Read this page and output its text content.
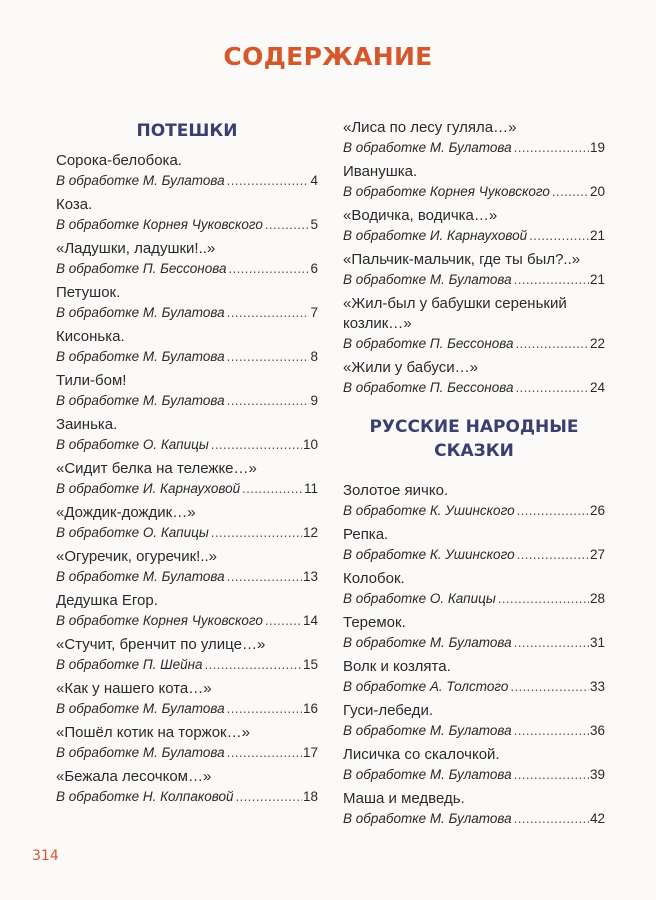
СОДЕРЖАНИЕ
ПОТЕШКИ
Сорока-белобока.
В обработке М. Булатова .....	4
Коза.
В обработке Корнея Чуковского .....	5
«Ладушки, ладушки!..»
В обработке П. Бессонова .....	6
Петушок.
В обработке М. Булатова .....	7
Кисонька.
В обработке М. Булатова .....	8
Тили-бом!
В обработке М. Булатова .....	9
Заинька.
В обработке О. Капицы .....	10
«Сидит белка на тележке…»
В обработке И. Карнауховой .....	11
«Дождик-дождик…»
В обработке О. Капицы .....	12
«Огуречик, огуречик!..»
В обработке М. Булатова .....	13
Дедушка Егор.
В обработке Корнея Чуковского .....	14
«Стучит, бренчит по улице…»
В обработке П. Шейна .....	15
«Как у нашего кота…»
В обработке М. Булатова .....	16
«Пошёл котик на торжок…»
В обработке М. Булатова .....	17
«Бежала лесочком…»
В обработке Н. Колпаковой .....	18
«Лиса по лесу гуляла…»
В обработке М. Булатова .....	19
Иванушка.
В обработке Корнея Чуковского .....	20
«Водичка, водичка…»
В обработке И. Карнауховой .....	21
«Пальчик-мальчик, где ты был?..»
В обработке М. Булатова .....	21
«Жил-был у бабушки серенький козлик…»
В обработке П. Бессонова .....	22
«Жили у бабуси…»
В обработке П. Бессонова .....	24
РУССКИЕ НАРОДНЫЕ СКАЗКИ
Золотое яичко.
В обработке К. Ушинского .....	26
Репка.
В обработке К. Ушинского .....	27
Колобок.
В обработке О. Капицы .....	28
Теремок.
В обработке М. Булатова .....	31
Волк и козлята.
В обработке А. Толстого .....	33
Гуси-лебеди.
В обработке М. Булатова .....	36
Лисичка со скалочкой.
В обработке М. Булатова .....	39
Маша и медведь.
В обработке М. Булатова .....	42
314
